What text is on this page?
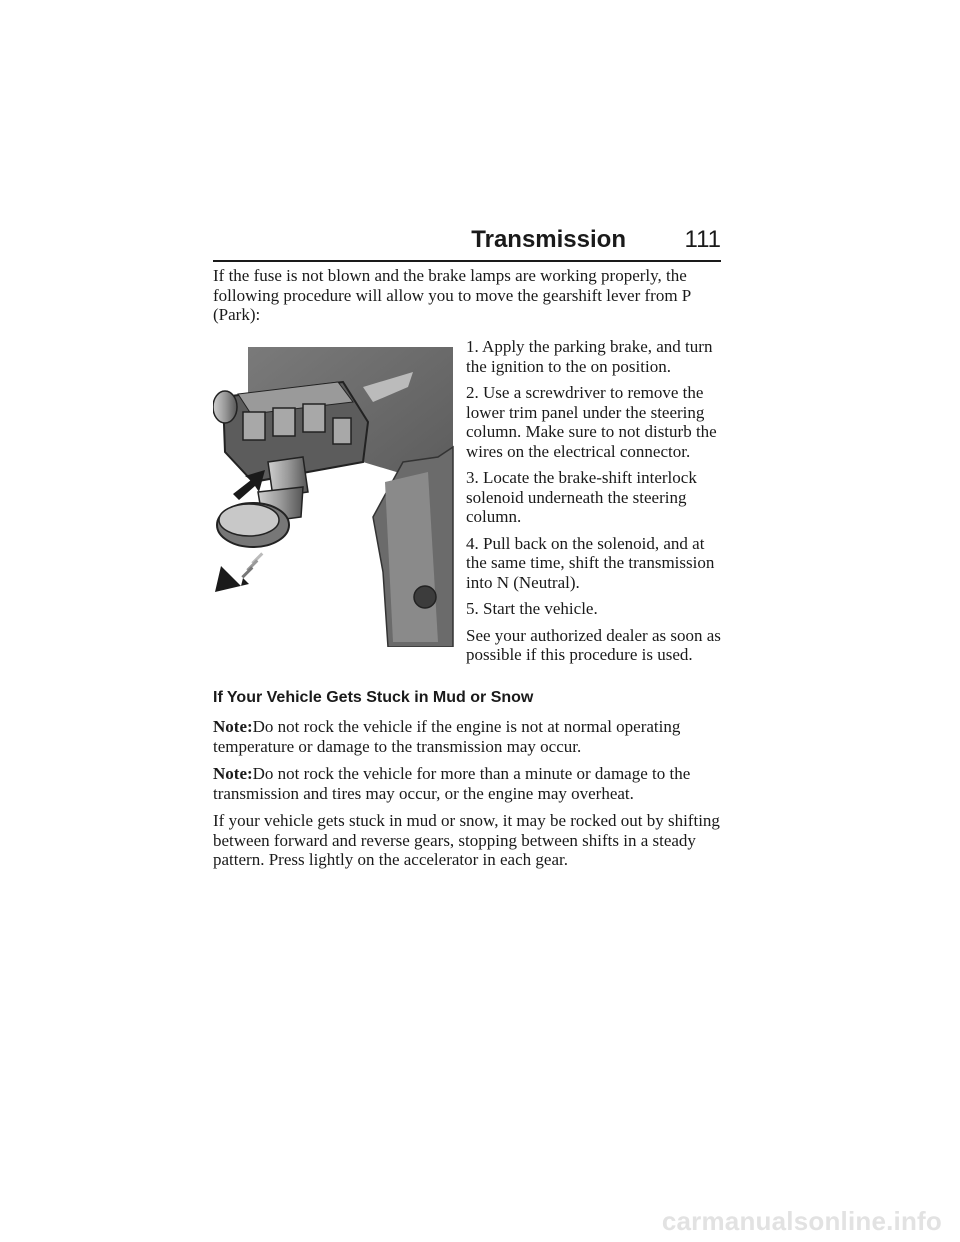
Transmission 111

If the fuse is not blown and the brake lamps are working properly, the following procedure will allow you to move the gearshift lever from P (Park):

1. Apply the parking brake, and turn the ignition to the on position.

2. Use a screwdriver to remove the lower trim panel under the steering column. Make sure to not disturb the wires on the electrical connector.

3. Locate the brake-shift interlock solenoid underneath the steering column.

4. Pull back on the solenoid, and at the same time, shift the transmission into N (Neutral).

5. Start the vehicle.

See your authorized dealer as soon as possible if this procedure is used.

If Your Vehicle Gets Stuck in Mud or Snow

Note:Do not rock the vehicle if the engine is not at normal operating temperature or damage to the transmission may occur.

Note:Do not rock the vehicle for more than a minute or damage to the transmission and tires may occur, or the engine may overheat.

If your vehicle gets stuck in mud or snow, it may be rocked out by shifting between forward and reverse gears, stopping between shifts in a steady pattern. Press lightly on the accelerator in each gear.

carmanualsonline.info
